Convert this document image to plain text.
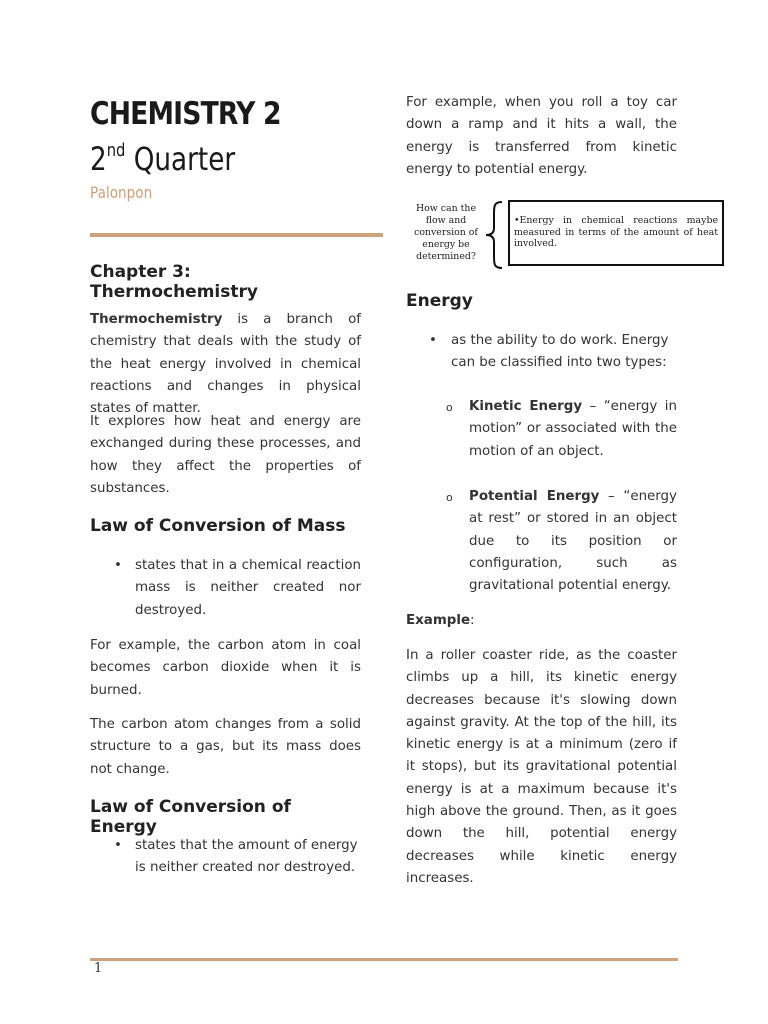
CHEMISTRY 2
2nd Quarter
Palonpon
Chapter 3: Thermochemistry

Thermochemistry is a branch of chemistry that deals with the study of the heat energy involved in chemical reactions and changes in physical states of matter.

It explores how heat and energy are exchanged during these processes, and how they affect the properties of substances.

Law of Conversion of Mass
• states that in a chemical reaction mass is neither created nor destroyed.

For example, the carbon atom in coal becomes carbon dioxide when it is burned.

The carbon atom changes from a solid structure to a gas, but its mass does not change.

Law of Conversion of Energy
• states that the amount of energy is neither created nor destroyed.

For example, when you roll a toy car down a ramp and it hits a wall, the energy is transferred from kinetic energy to potential energy.

How can the flow and conversion of energy be determined?
•Energy in chemical reactions maybe measured in terms of the amount of heat involved.
Energy
• as the ability to do work. Energy can be classified into two types:

o Kinetic Energy – “energy in motion” or associated with the motion of an object.

o Potential Energy – “energy at rest” or stored in an object due to its position or configuration, such as gravitational potential energy.

Example:

In a roller coaster ride, as the coaster climbs up a hill, its kinetic energy decreases because it's slowing down against gravity. At the top of the hill, its kinetic energy is at a minimum (zero if it stops), but its gravitational potential energy is at a maximum because it's high above the ground. Then, as it goes down the hill, potential energy decreases while kinetic energy increases.

1
